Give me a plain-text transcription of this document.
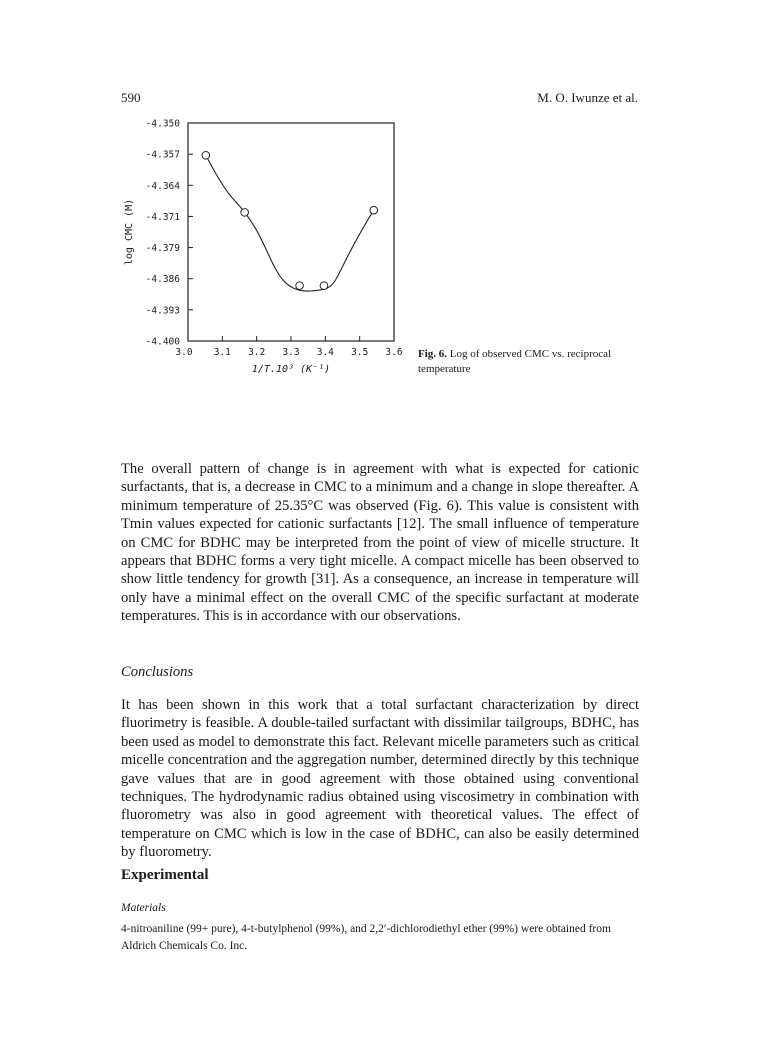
590	M. O. Iwunze et al.
-4.400
-4.393
-4.386
-4.379
-4.371
-4.364
-4.357
-4.350
3.0 3.1 3.2 3.3 3.4 3.5 3.6
1/T.10³ (K⁻¹)
log CMC (M)
Fig. 6. Log of observed CMC vs. reciprocal temperature
The overall pattern of change is in agreement with what is expected for cationic surfactants, that is, a decrease in CMC to a minimum and a change in slope thereafter. A minimum temperature of 25.35°C was observed (Fig. 6). This value is consistent with Tmin values expected for cationic surfactants [12]. The small influence of temperature on CMC for BDHC may be interpreted from the point of view of micelle structure. It appears that BDHC forms a very tight micelle. A compact micelle has been observed to show little tendency for growth [31]. As a consequence, an increase in temperature will only have a minimal effect on the overall CMC of the specific surfactant at moderate temperatures. This is in accordance with our observations.
Conclusions
It has been shown in this work that a total surfactant characterization by direct fluorimetry is feasible. A double-tailed surfactant with dissimilar tailgroups, BDHC, has been used as model to demonstrate this fact. Relevant micelle parameters such as critical micelle concentration and the aggregation number, determined directly by this technique gave values that are in good agreement with those obtained using conventional techniques. The hydrodynamic radius obtained using viscosimetry in combination with fluorometry was also in good agreement with theoretical values. The effect of temperature on CMC which is low in the case of BDHC, can also be easily determined by fluorometry.
Experimental
Materials
4-nitroaniline (99+ pure), 4-t-butylphenol (99%), and 2,2′-dichlorodiethyl ether (99%) were obtained from Aldrich Chemicals Co. Inc.
